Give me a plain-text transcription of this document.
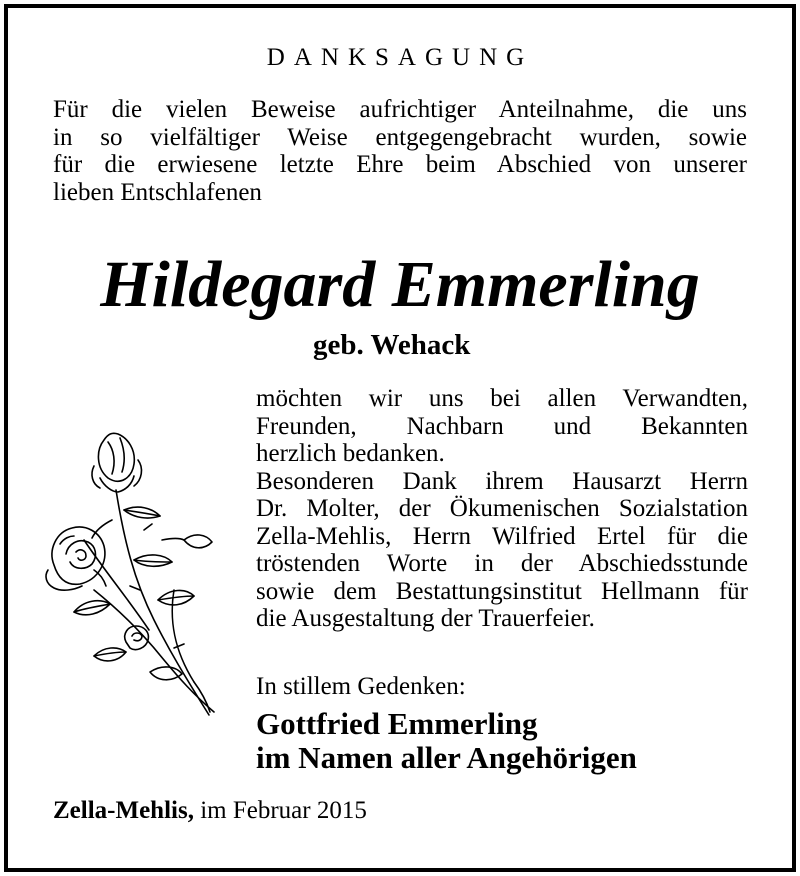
DANKSAGUNG
Für die vielen Beweise aufrichtiger Anteilnahme, die uns
in so vielfältiger Weise entgegengebracht wurden, sowie
für die erwiesene letzte Ehre beim Abschied von unserer
lieben Entschlafenen
Hildegard Emmerling
geb. Wehack
möchten wir uns bei allen Verwandten,
Freunden, Nachbarn und Bekannten
herzlich bedanken.
Besonderen Dank ihrem Hausarzt Herrn
Dr. Molter, der Ökumenischen Sozialstation
Zella-Mehlis, Herrn Wilfried Ertel für die
tröstenden Worte in der Abschiedsstunde
sowie dem Bestattungsinstitut Hellmann für
die Ausgestaltung der Trauerfeier.
In stillem Gedenken:
Gottfried Emmerling
im Namen aller Angehörigen
Zella-Mehlis, im Februar 2015
